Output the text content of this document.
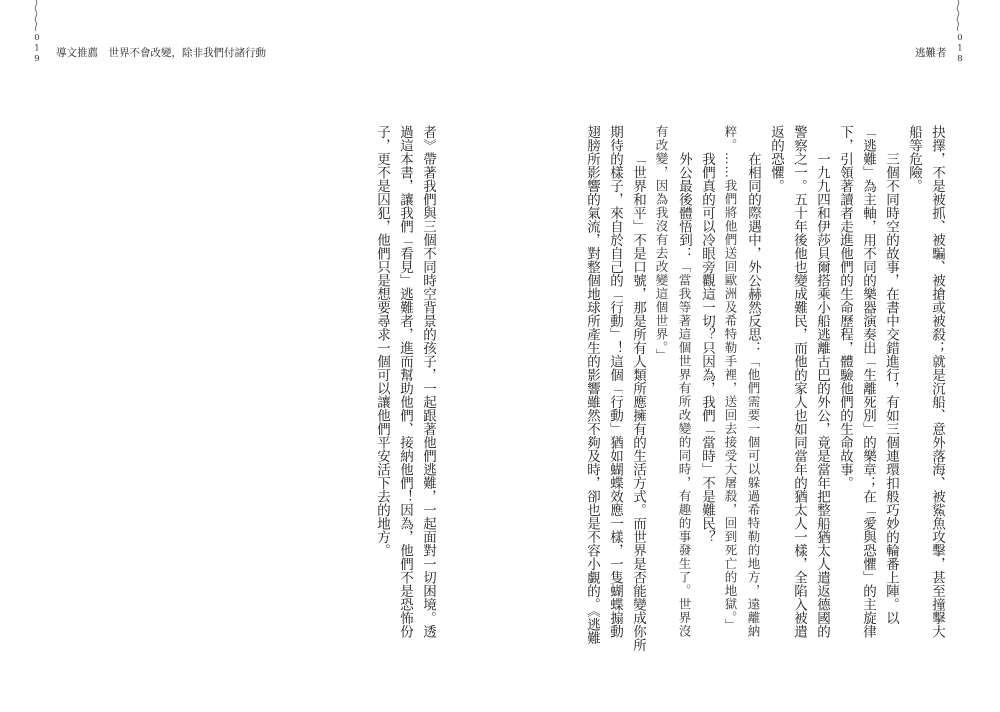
019 導文推薦　世界不會改變，除非我們付諸行動
者》帶著我們與三個不同時空背景的孩子，一起跟著他們逃難，一起面對一切困境。透
過這本書，讓我們「看見」逃難者，進而幫助他們、接納他們！因為，他們不是恐怖份
子，更不是囚犯，他們只是想要尋求一個可以讓他們平安活下去的地方。
018
逃難者
抉擇，不是被抓、被騙、被搶或被殺；就是沉船、意外落海、被鯊魚攻擊，甚至撞擊大
船等危險。
三個不同時空的故事，在書中交錯進行，有如三個連環扣般巧妙的輪番上陣。以
「逃難」為主軸，用不同的樂器演奏出「生離死別」的樂章；在「愛與恐懼」的主旋律
下，引領著讀者走進他們的生命歷程，體驗他們的生命故事。
一九九四和伊莎貝爾搭乘小船逃離古巴的外公，竟是當年把整船猶太人遣返德國的
警察之一。五十年後他也變成難民，而他的家人也如同當年的猶太人一樣，全陷入被遣
返的恐懼。
在相同的際遇中，外公赫然反思：「他們需要一個可以躲過希特勒的地方，遠離納
粹。……我們將他們送回歐洲及希特勒手裡，送回去接受大屠殺，回到死亡的地獄。」
我們真的可以冷眼旁觀這一切？只因為，我們「當時」不是難民？
外公最後體悟到：「當我等著這個世界有所改變的同時，有趣的事發生了。世界沒
有改變，因為我沒有去改變這個世界。」
「世界和平」不是口號，那是所有人類所應擁有的生活方式。而世界是否能變成你所
期待的樣子，來自於自己的「行動」！這個「行動」猶如蝴蝶效應一樣，一隻蝴蝶搧動
翅膀所影響的氣流，對整個地球所產生的影響雖然不夠及時，卻也是不容小覷的。《逃難
